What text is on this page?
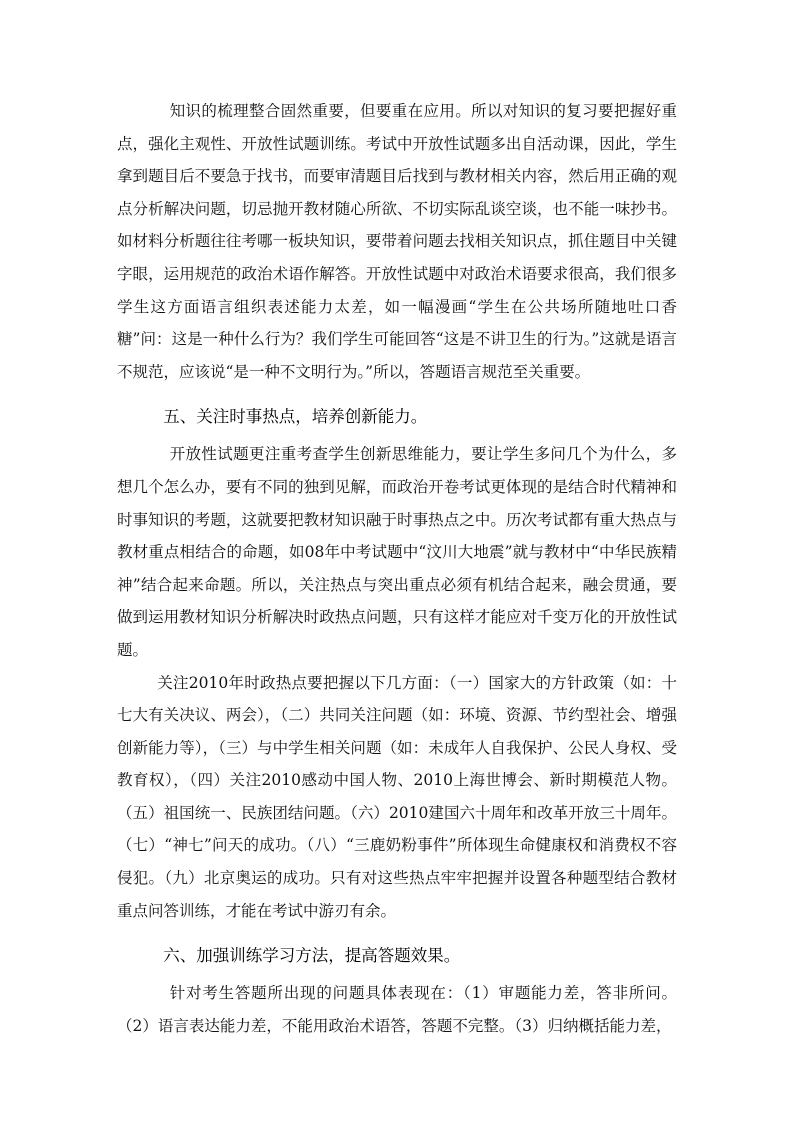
知识的梳理整合固然重要，但要重在应用。所以对知识的复习要把握好重点，强化主观性、开放性试题训练。考试中开放性试题多出自活动课，因此，学生拿到题目后不要急于找书，而要审清题目后找到与教材相关内容，然后用正确的观点分析解决问题，切忌抛开教材随心所欲、不切实际乱谈空谈，也不能一味抄书。如材料分析题往往考哪一板块知识，要带着问题去找相关知识点，抓住题目中关键字眼，运用规范的政治术语作解答。开放性试题中对政治术语要求很高，我们很多学生这方面语言组织表述能力太差，如一幅漫画“学生在公共场所随地吐口香糖”问：这是一种什么行为？我们学生可能回答“这是不讲卫生的行为。”这就是语言不规范，应该说“是一种不文明行为。”所以，答题语言规范至关重要。

五、关注时事热点，培养创新能力。

开放性试题更注重考查学生创新思维能力，要让学生多问几个为什么，多想几个怎么办，要有不同的独到见解，而政治开卷考试更体现的是结合时代精神和时事知识的考题，这就要把教材知识融于时事热点之中。历次考试都有重大热点与教材重点相结合的命题，如08年中考试题中“汶川大地震”就与教材中“中华民族精神”结合起来命题。所以，关注热点与突出重点必须有机结合起来，融会贯通，要做到运用教材知识分析解决时政热点问题，只有这样才能应对千变万化的开放性试题。

关注2010年时政热点要把握以下几方面：（一）国家大的方针政策（如：十七大有关决议、两会），（二）共同关注问题（如：环境、资源、节约型社会、增强创新能力等），（三）与中学生相关问题（如：未成年人自我保护、公民人身权、受教育权），（四）关注2010感动中国人物、2010上海世博会、新时期模范人物。（五）祖国统一、民族团结问题。（六）2010建国六十周年和改革开放三十周年。（七）“神七”问天的成功。（八）“三鹿奶粉事件”所体现生命健康权和消费权不容侵犯。（九）北京奥运的成功。只有对这些热点牢牢把握并设置各种题型结合教材重点问答训练，才能在考试中游刃有余。

六、加强训练学习方法，提高答题效果。

针对考生答题所出现的问题具体表现在：（1）审题能力差，答非所问。（2）语言表达能力差，不能用政治术语答，答题不完整。（3）归纳概括能力差，
